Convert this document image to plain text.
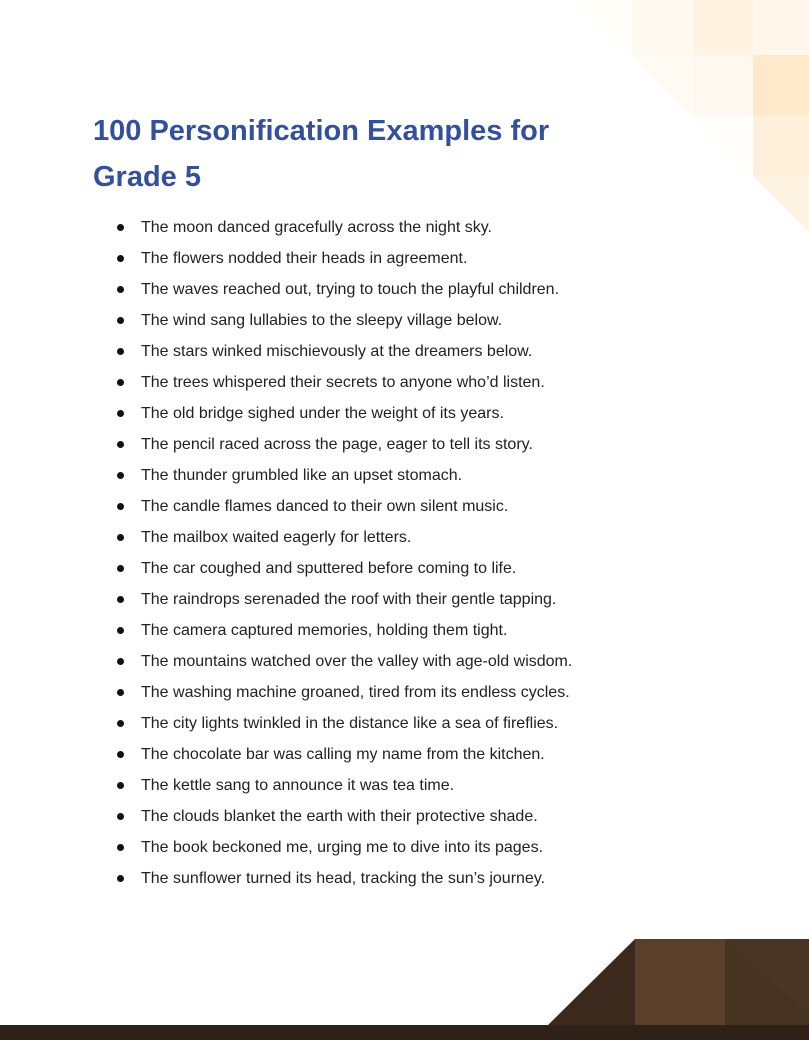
100 Personification Examples for Grade 5
The moon danced gracefully across the night sky.
The flowers nodded their heads in agreement.
The waves reached out, trying to touch the playful children.
The wind sang lullabies to the sleepy village below.
The stars winked mischievously at the dreamers below.
The trees whispered their secrets to anyone who’d listen.
The old bridge sighed under the weight of its years.
The pencil raced across the page, eager to tell its story.
The thunder grumbled like an upset stomach.
The candle flames danced to their own silent music.
The mailbox waited eagerly for letters.
The car coughed and sputtered before coming to life.
The raindrops serenaded the roof with their gentle tapping.
The camera captured memories, holding them tight.
The mountains watched over the valley with age-old wisdom.
The washing machine groaned, tired from its endless cycles.
The city lights twinkled in the distance like a sea of fireflies.
The chocolate bar was calling my name from the kitchen.
The kettle sang to announce it was tea time.
The clouds blanket the earth with their protective shade.
The book beckoned me, urging me to dive into its pages.
The sunflower turned its head, tracking the sun’s journey.
